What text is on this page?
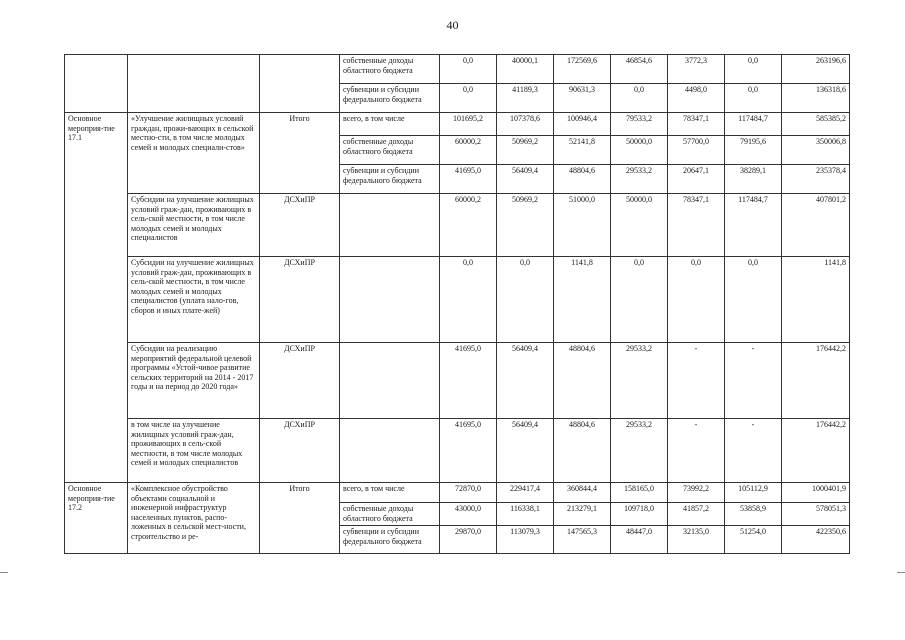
40
			собственные доходы областного бюджета	0,0	40000,1	172569,6	46854,6	3772,3	0,0	263196,6
			субвенции и субсидии федерального бюджета	0,0	41189,3	90631,3	0,0	4498,0	0,0	136318,6
Основное мероприя-тие 17.1	«Улучшение жилищных условий граждан, прожи-вающих в сельской местно-сти, в том числе молодых семей и молодых специали-стов»	Итого	всего, в том числе	101695,2	107378,6	100946,4	79533,2	78347,1	117484,7	585385,2
			собственные доходы областного бюджета	60000,2	50969,2	52141,8	50000,0	57700,0	79195,6	350006,8
			субвенции и субсидии федерального бюджета	41695,0	56409,4	48804,6	29533,2	20647,1	38289,1	235378,4
	Субсидии на улучшение жилищных условий граж-дан, проживающих в сель-ской местности, в том числе молодых семей и молодых специалистов	ДСХиПР		60000,2	50969,2	51000,0	50000,0	78347,1	117484,7	407801,2
	Субсидии на улучшение жилищных условий граж-дан, проживающих в сель-ской местности, в том числе молодых семей и молодых специалистов (уплата нало-гов, сборов и иных плате-жей)	ДСХиПР		0,0	0,0	1141,8	0,0	0,0	0,0	1141,8
	Субсидии на реализацию мероприятий федеральной целевой программы «Устой-чивое развитие сельских территорий на 2014 - 2017 годы и на период до 2020 года»	ДСХиПР		41695,0	56409,4	48804,6	29533,2	-	-	176442,2
	в том числе на улучшение жилищных условий граж-дан, проживающих в сель-ской местности, в том числе молодых семей и молодых специалистов	ДСХиПР		41695,0	56409,4	48804,6	29533,2	-	-	176442,2
Основное мероприя-тие 17.2	«Комплексное обустройство объектами социальной и инженерной инфраструктур населенных пунктов, распо-ложенных в сельской мест-ности, строительство и ре-	Итого	всего, в том числе	72870,0	229417,4	360844,4	158165,0	73992,2	105112,9	1000401,9
			собственные доходы областного бюджета	43000,0	116338,1	213279,1	109718,0	41857,2	53858,9	578051,3
			субвенции и субсидии федерального бюджета	29870,0	113079,3	147565,3	48447,0	32135,0	51254,0	422350,6
